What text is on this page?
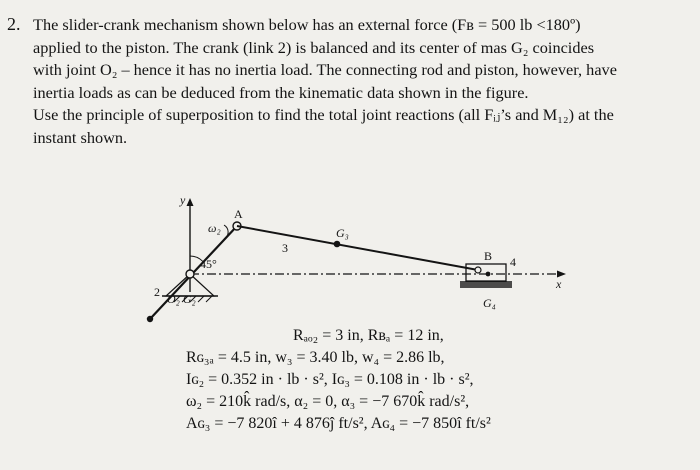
2. The slider-crank mechanism shown below has an external force (Fʙ = 500 lb <180º)

applied to the piston. The crank (link 2) is balanced and its center of mas G₂ coincides

with joint O₂ – hence it has no inertia load. The connecting rod and piston, however, have

inertia loads as can be deduced from the kinematic data shown in the figure.

Use the principle of superposition to find the total joint reactions (all Fᵢⱼ’s and M₁₂) at the

instant shown.

y
x
45°
ω₂
A
G₃
3
B 4
G₄
2 O₂ G₂
Rₐₒ₂ = 3 in, Rʙₐ = 12 in,
Rɢ₃ₐ = 4.5 in, w₃ = 3.40 lb, w₄ = 2.86 lb,
Iɢ₂ = 0.352 in · lb · s², Iɢ₃ = 0.108 in · lb · s²,
ω₂ = 210k̂ rad/s, α₂ = 0, α₃ = −7 670k̂ rad/s²,
Aɢ₃ = −7 820î + 4 876ĵ ft/s², Aɢ₄ = −7 850î ft/s²
